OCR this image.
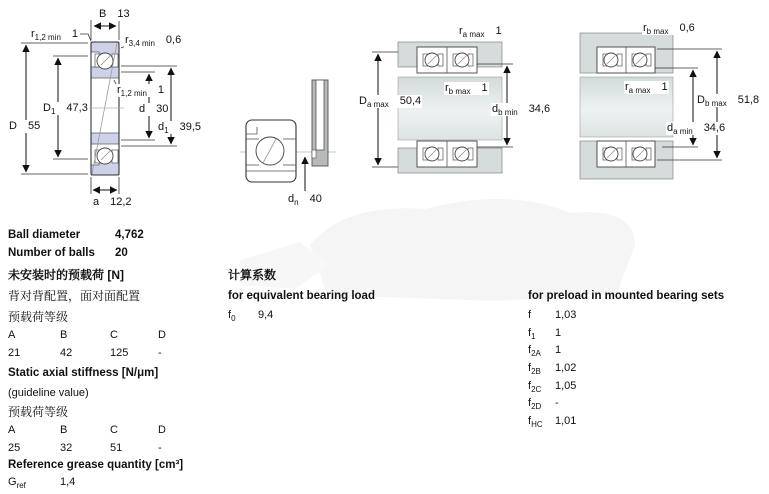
B 13
$r_{1,2 min}$ 1	$r_{3,4 min}$ 0,6
$r_{1,2 min}$ 1
$D_1$ 47,3	d 30
D 55	$d_1$ 39,5
a 12,2	$d_n$ 40
$r_{a max}$ 1
$D_{a max}$ 50,4
$r_{b max}$ 1
$d_{b min}$ 34,6
$r_{b max}$ 0,6
$r_{a max}$ 1
$D_{b max}$ 51,8
$d_{a min}$ 34,6
Ball diameter	4,762
Number of balls	20
未安装时的预载荷 [N]
背对背配置，面对面配置
预载荷等级
A	B	C	D
21	42	125	-
Static axial stiffness [N/μm]
(guideline value)
预载荷等级
A	B	C	D
25	32	51	-
Reference grease quantity [cm³]
$G_{ref}$	1,4
计算系数
for equivalent bearing load
$f_0$	9,4
for preload in mounted bearing sets
f	1,03
$f_1$	1
$f_{2A}$	1
$f_{2B}$	1,02
$f_{2C}$	1,05
$f_{2D}$	-
$f_{HC}$	1,01
